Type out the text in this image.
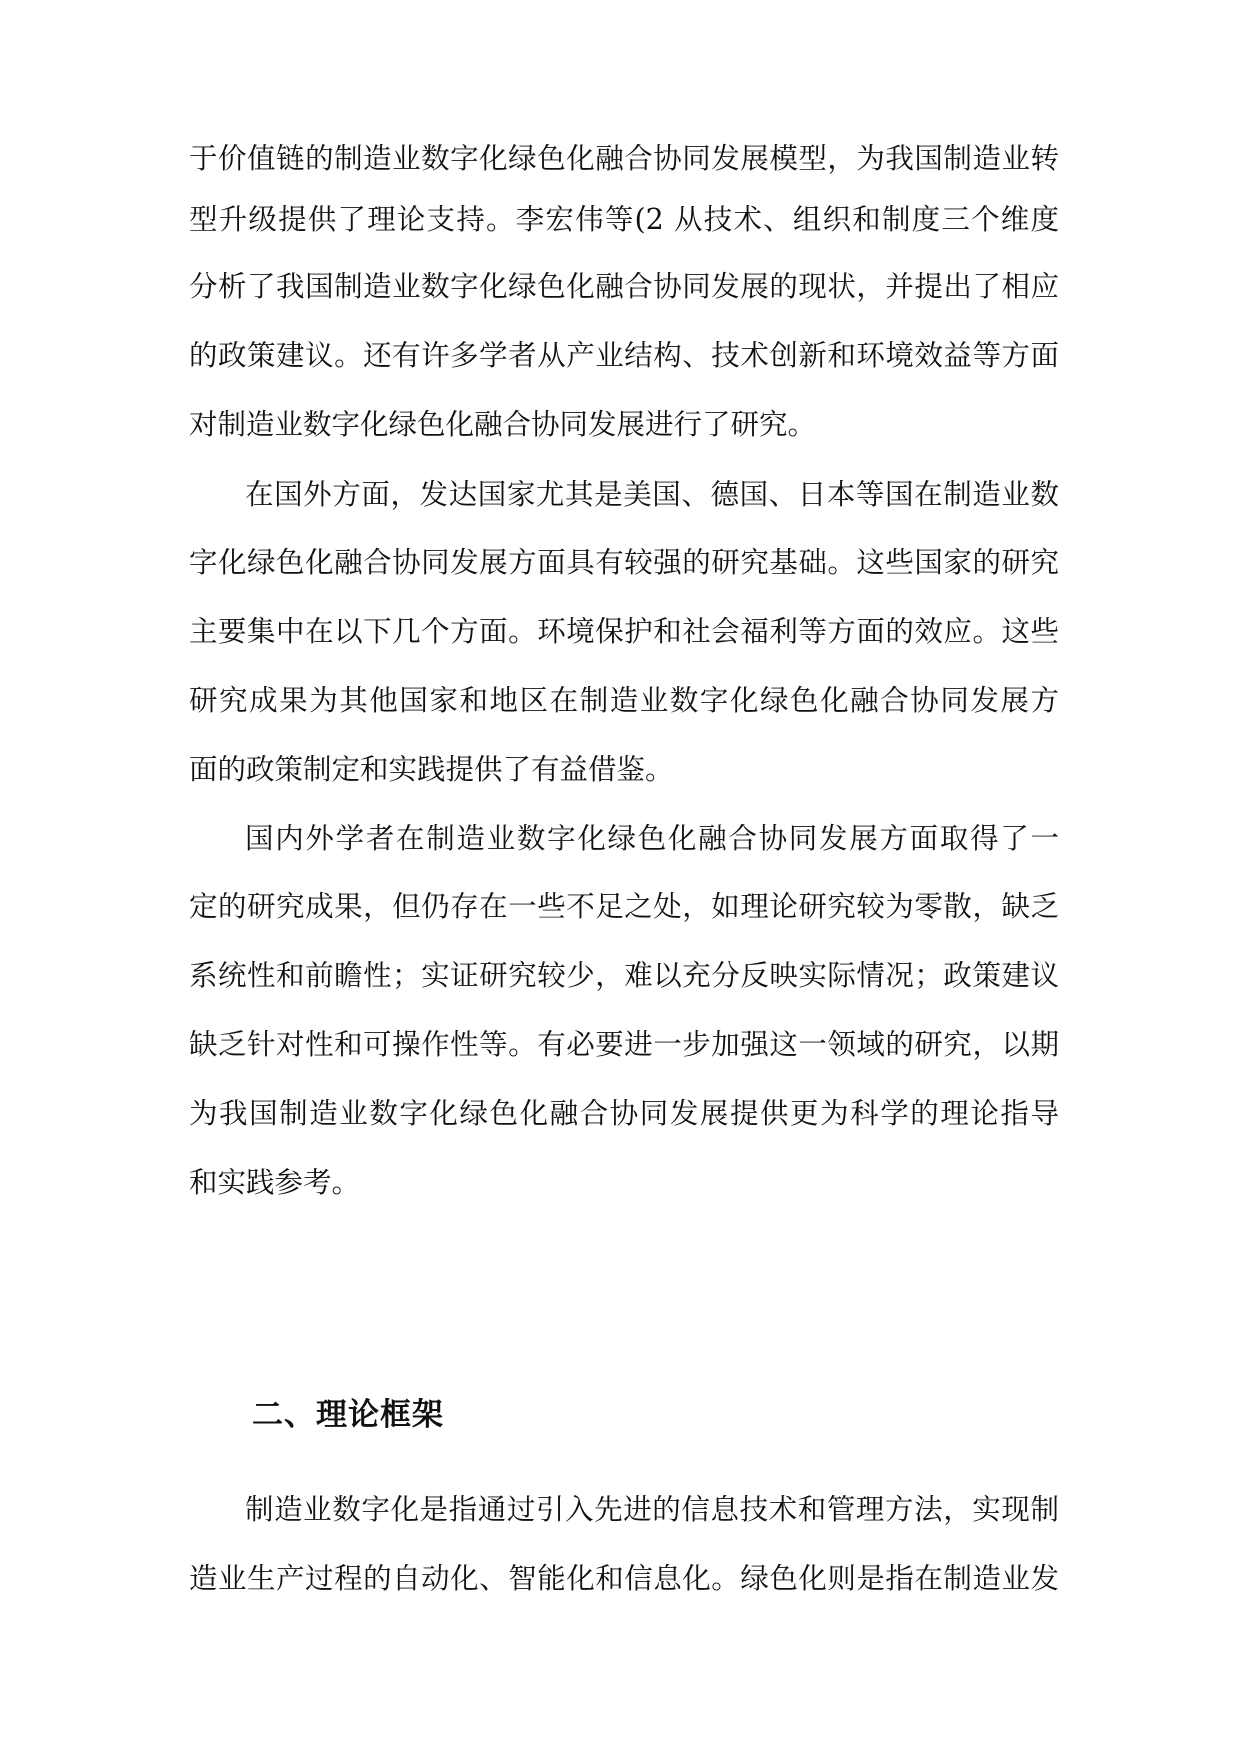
于价值链的制造业数字化绿色化融合协同发展模型，为我国制造业转
型升级提供了理论支持。李宏伟等(2 从技术、组织和制度三个维度
分析了我国制造业数字化绿色化融合协同发展的现状，并提出了相应
的政策建议。还有许多学者从产业结构、技术创新和环境效益等方面
对制造业数字化绿色化融合协同发展进行了研究。
在国外方面，发达国家尤其是美国、德国、日本等国在制造业数
字化绿色化融合协同发展方面具有较强的研究基础。这些国家的研究
主要集中在以下几个方面。环境保护和社会福利等方面的效应。这些
研究成果为其他国家和地区在制造业数字化绿色化融合协同发展方
面的政策制定和实践提供了有益借鉴。
国内外学者在制造业数字化绿色化融合协同发展方面取得了一
定的研究成果，但仍存在一些不足之处，如理论研究较为零散，缺乏
系统性和前瞻性；实证研究较少，难以充分反映实际情况；政策建议
缺乏针对性和可操作性等。有必要进一步加强这一领域的研究，以期
为我国制造业数字化绿色化融合协同发展提供更为科学的理论指导
和实践参考。
二、理论框架
制造业数字化是指通过引入先进的信息技术和管理方法，实现制
造业生产过程的自动化、智能化和信息化。绿色化则是指在制造业发
